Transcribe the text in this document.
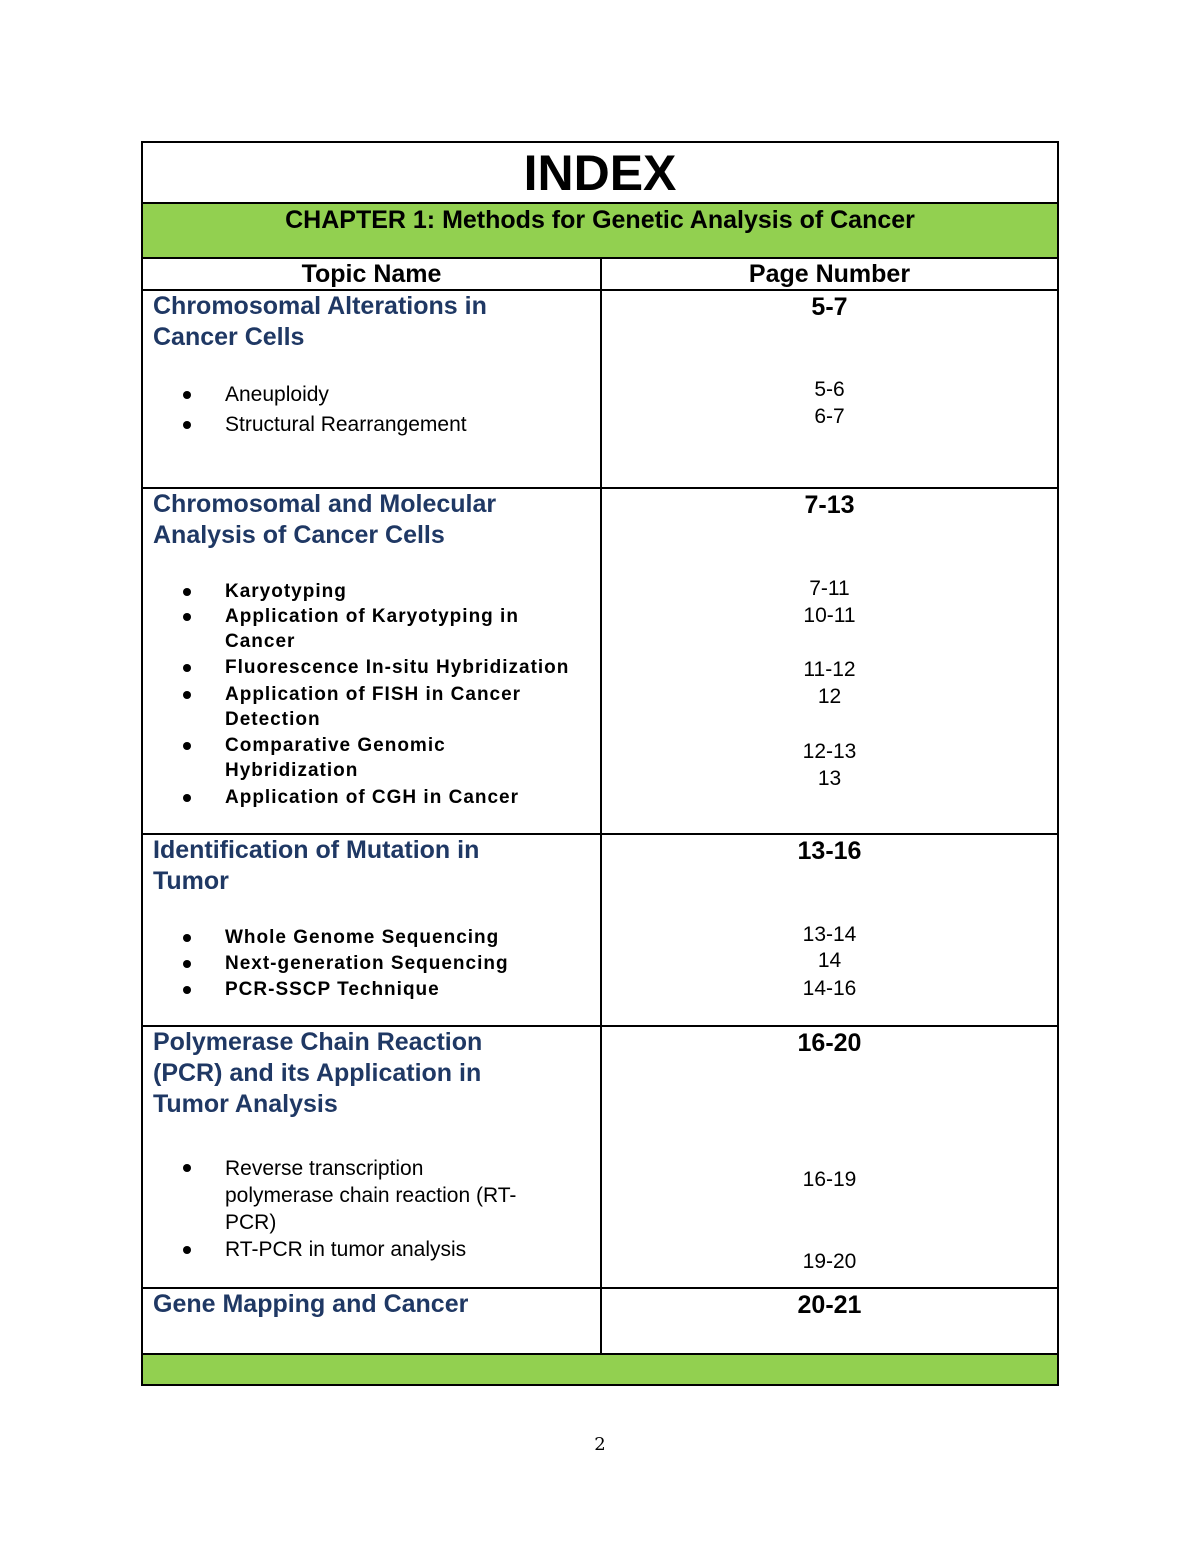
INDEX
CHAPTER 1: Methods for Genetic Analysis of Cancer
Topic Name	Page Number
Chromosomal Alterations in
Cancer Cells
Aneuploidy
Structural Rearrangement
5-7
5-6
6-7
Chromosomal and Molecular
Analysis of Cancer Cells
Karyotyping
Application of Karyotyping in
Cancer
Fluorescence In-situ Hybridization
Application of FISH in Cancer
Detection
Comparative Genomic
Hybridization
Application of CGH in Cancer
7-13
7-11
10-11
11-12
12
12-13
13
Identification of Mutation in
Tumor
Whole Genome Sequencing
Next-generation Sequencing
PCR-SSCP Technique
13-16
13-14
14
14-16
Polymerase Chain Reaction
(PCR) and its Application in
Tumor Analysis
Reverse transcription
polymerase chain reaction (RT-
PCR)
RT-PCR in tumor analysis
16-20
16-19
19-20
Gene Mapping and Cancer	20-21
2
